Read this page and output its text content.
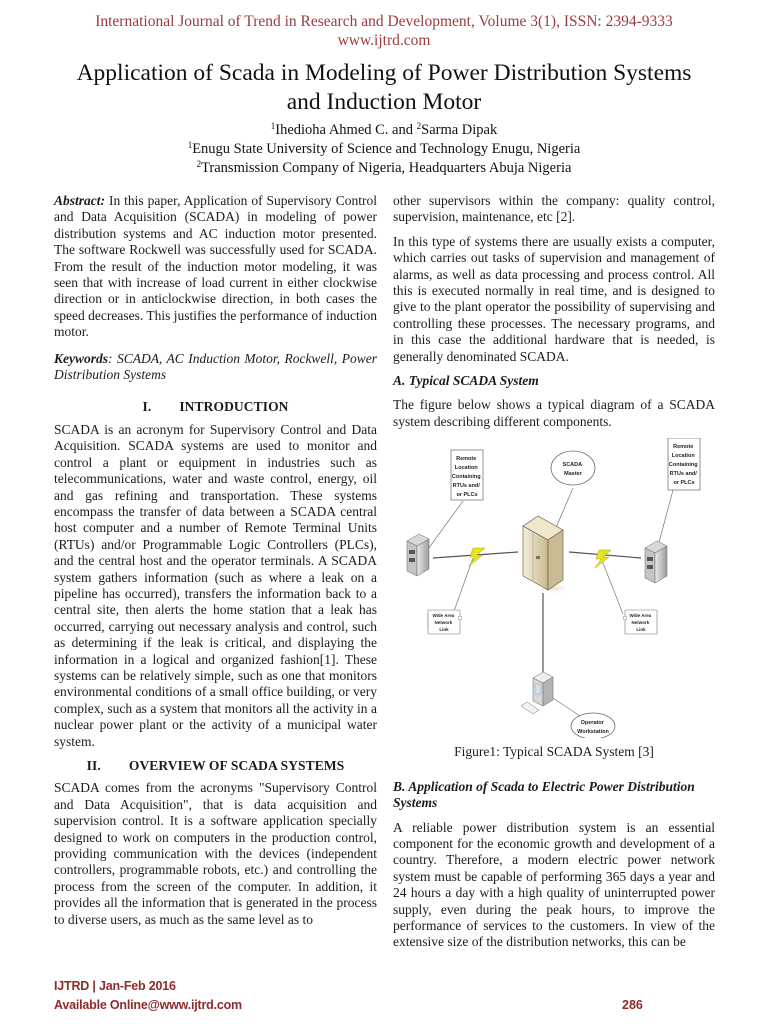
International Journal of Trend in Research and Development, Volume 3(1), ISSN: 2394-9333
www.ijtrd.com
Application of Scada in Modeling of Power Distribution Systems
and Induction Motor
$^1$Ihedioha Ahmed C. and $^2$Sarma Dipak
$^1$Enugu State University of Science and Technology Enugu, Nigeria
$^2$Transmission Company of Nigeria, Headquarters Abuja Nigeria

Abstract: In this paper, Application of Supervisory Control and Data Acquisition (SCADA) in modeling of power distribution systems and AC induction motor presented. The software Rockwell was successfully used for SCADA. From the result of the induction motor modeling, it was seen that with increase of load current in either clockwise direction or in anticlockwise direction, in both cases the speed decreases. This justifies the performance of induction motor.

Keywords: SCADA, AC Induction Motor, Rockwell, Power Distribution Systems

I. INTRODUCTION

SCADA is an acronym for Supervisory Control and Data Acquisition. SCADA systems are used to monitor and control a plant or equipment in industries such as telecommunications, water and waste control, energy, oil and gas refining and transportation. These systems encompass the transfer of data between a SCADA central host computer and a number of Remote Terminal Units (RTUs) and/or Programmable Logic Controllers (PLCs), and the central host and the operator terminals. A SCADA system gathers information (such as where a leak on a pipeline has occurred), transfers the information back to a central site, then alerts the home station that a leak has occurred, carrying out necessary analysis and control, such as determining if the leak is critical, and displaying the information in a logical and organized fashion[1]. These systems can be relatively simple, such as one that monitors environmental conditions of a small office building, or very complex, such as a system that monitors all the activity in a nuclear power plant or the activity of a municipal water system.

II. OVERVIEW OF SCADA SYSTEMS

SCADA comes from the acronyms "Supervisory Control and Data Acquisition", that is data acquisition and supervision control. It is a software application specially designed to work on computers in the production control, providing communication with the devices (independent controllers, programmable robots, etc.) and controlling the process from the screen of the computer. In addition, it provides all the information that is generated in the process to diverse users, as much as the same level as to

other supervisors within the company: quality control, supervision, maintenance, etc [2].

In this type of systems there are usually exists a computer, which carries out tasks of supervision and management of alarms, as well as data processing and process control. All this is executed normally in real time, and is designed to give to the plant operator the possibility of supervising and controlling these processes. The necessary programs, and in this case the additional hardware that is needed, is generally denominated SCADA.

A. Typical SCADA System

The figure below shows a typical diagram of a SCADA system describing different components.

Remote Location Containing RTUs and/ or PLCs
Remote Location Containing RTUs and/ or PLCs
SCADA Master
Wide Area Network Link
Wide Area Network Link
Operator Workstation
Figure1: Typical SCADA System [3]
B. Application of Scada to Electric Power Distribution Systems

A reliable power distribution system is an essential component for the economic growth and development of a country. Therefore, a modern electric power network system must be capable of performing 365 days a year and 24 hours a day with a high quality of uninterrupted power supply, even during the peak hours, to improve the performance of services to the customers. In view of the extensive size of the distribution networks, this can be

IJTRD | Jan-Feb 2016
Available Online@www.ijtrd.com	286
